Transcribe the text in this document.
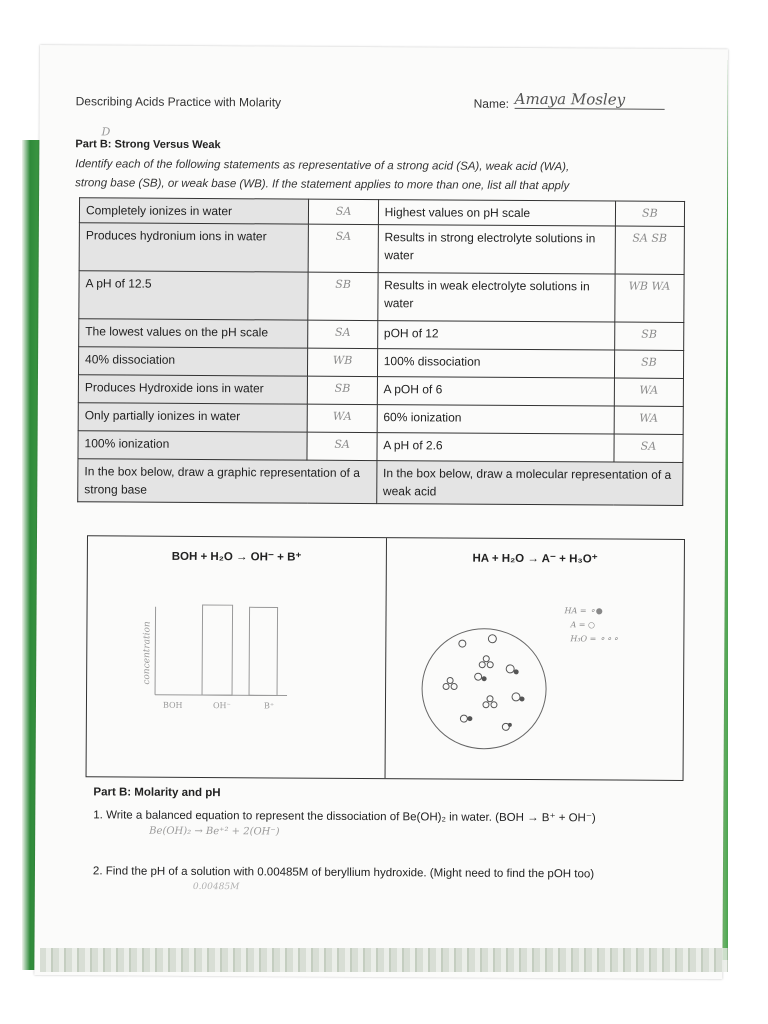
Describing Acids Practice with Molarity	Name: Amaya Mosley
D
Part B: Strong Versus Weak
Identify each of the following statements as representative of a strong acid (SA), weak acid (WA),
strong base (SB), or weak base (WB). If the statement applies to more than one, list all that apply
Completely ionizes in water	SA	Highest values on pH scale	SB
Produces hydronium ions in water	SA	Results in strong electrolyte solutions in water	SA SB
A pH of 12.5	SB	Results in weak electrolyte solutions in water	WB WA
The lowest values on the pH scale	SA	pOH of 12	SB
40% dissociation	WB	100% dissociation	SB
Produces Hydroxide ions in water	SB	A pOH of 6	WA
Only partially ionizes in water	WA	60% ionization	WA
100% ionization	SA	A pH of 2.6	SA
In the box below, draw a graphic representation of a strong base		In the box below, draw a molecular representation of a weak acid	
BOH + H₂O → OH⁻ + B⁺
concentration
BOH	OH⁻	B⁺
HA + H₂O → A⁻ + H₃O⁺
HA = ⚬●
A = ○
H₃O = ⚬⚬⚬
Part B: Molarity and pH
1. Write a balanced equation to represent the dissociation of Be(OH)₂ in water. (BOH → B⁺ + OH⁻)
Be(OH)₂ → Be⁺² + 2(OH⁻)
2. Find the pH of a solution with 0.00485M of beryllium hydroxide. (Might need to find the pOH too)
0.00485M
